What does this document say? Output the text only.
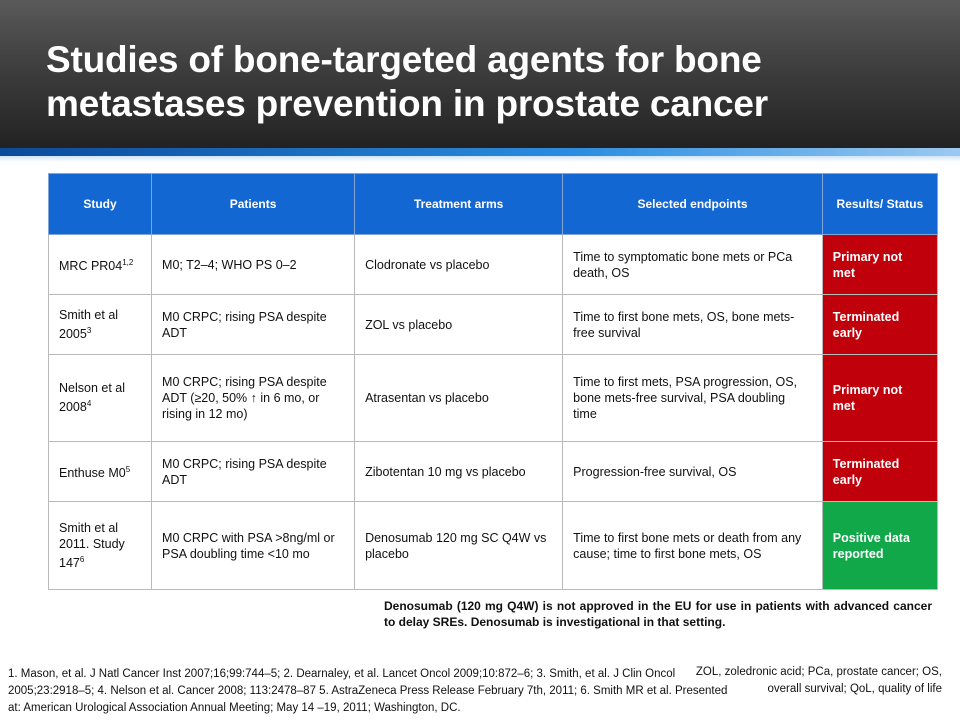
Studies of bone-targeted agents for bone metastases prevention in prostate cancer
Study	Patients	Treatment arms	Selected endpoints	Results/ Status
MRC PR04$^{1,2}$	M0; T2–4; WHO PS 0–2	Clodronate vs placebo	Time to symptomatic bone mets or PCa death, OS	Primary not met
Smith et al 2005$^3$	M0 CRPC; rising PSA despite ADT	ZOL vs placebo	Time to first bone mets, OS, bone mets-free survival	Terminated early
Nelson et al 2008$^4$	M0 CRPC; rising PSA despite ADT (≥20, 50% ↑ in 6 mo, or rising in 12 mo)	Atrasentan vs placebo	Time to first mets, PSA progression, OS, bone mets-free survival, PSA doubling time	Primary not met
Enthuse $M0^5$	M0 CRPC; rising PSA despite ADT	Zibotentan 10 mg vs placebo	Progression-free survival, OS	Terminated early
Smith et al 2011. Study $147^6$	M0 CRPC with PSA >8ng/ml or PSA doubling time <10 mo	Denosumab 120 mg SC Q4W vs placebo	Time to first bone mets or death from any cause; time to first bone mets, OS	Positive data reported
Denosumab (120 mg Q4W) is not approved in the EU for use in patients with advanced cancer to delay SREs. Denosumab is investigational in that setting.
1. Mason, et al. J Natl Cancer Inst 2007;16;99:744–5; 2. Dearnaley, et al. Lancet Oncol 2009;10:872–6; 3. Smith, et al. J Clin Oncol 2005;23:2918–5; 4. Nelson et al. Cancer 2008; 113:2478–87 5. AstraZeneca Press Release February 7th, 2011; 6. Smith MR et al. Presented at: American Urological Association Annual Meeting; May 14 –19, 2011; Washington, DC.
ZOL, zoledronic acid; PCa, prostate cancer; OS, overall survival; QoL, quality of life
